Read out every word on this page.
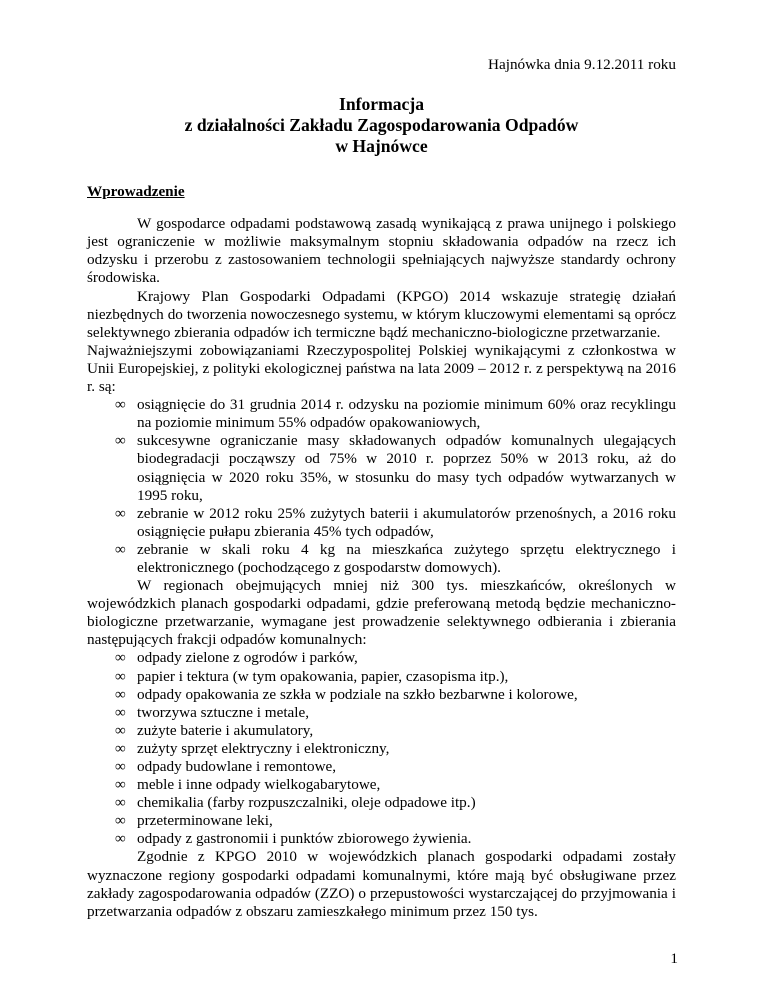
Hajnówka dnia 9.12.2011 roku
Informacja
z działalności Zakładu Zagospodarowania Odpadów
w Hajnówce
Wprowadzenie

W gospodarce odpadami podstawową zasadą wynikającą z prawa unijnego i polskiego jest ograniczenie w możliwie maksymalnym stopniu składowania odpadów na rzecz ich odzysku i przerobu z zastosowaniem technologii spełniających najwyższe standardy ochrony środowiska.

Krajowy Plan Gospodarki Odpadami (KPGO) 2014 wskazuje strategię działań niezbędnych do tworzenia nowoczesnego systemu, w którym kluczowymi elementami są oprócz selektywnego zbierania odpadów ich termiczne bądź mechaniczno-biologiczne przetwarzanie.

Najważniejszymi zobowiązaniami Rzeczypospolitej Polskiej wynikającymi z członkostwa w Unii Europejskiej, z polityki ekologicznej państwa na lata 2009 – 2012 r. z perspektywą na 2016 r. są:

∞ osiągnięcie do 31 grudnia 2014 r. odzysku na poziomie minimum 60% oraz recyklingu na poziomie minimum 55% odpadów opakowaniowych,
∞ sukcesywne ograniczanie masy składowanych odpadów komunalnych ulegających biodegradacji począwszy od 75% w 2010 r. poprzez 50% w 2013 roku, aż do osiągnięcia w 2020 roku 35%, w stosunku do masy tych odpadów wytwarzanych w 1995 roku,
∞ zebranie w 2012 roku 25% zużytych baterii i akumulatorów przenośnych, a 2016 roku osiągnięcie pułapu zbierania 45% tych odpadów,
∞ zebranie w skali roku 4 kg na mieszkańca zużytego sprzętu elektrycznego i elektronicznego (pochodzącego z gospodarstw domowych).

W regionach obejmujących mniej niż 300 tys. mieszkańców, określonych w wojewódzkich planach gospodarki odpadami, gdzie preferowaną metodą będzie mechaniczno-biologiczne przetwarzanie, wymagane jest prowadzenie selektywnego odbierania i zbierania następujących frakcji odpadów komunalnych:

∞ odpady zielone z ogrodów i parków,
∞ papier i tektura (w tym opakowania, papier, czasopisma itp.),
∞ odpady opakowania ze szkła w podziale na szkło bezbarwne i kolorowe,
∞ tworzywa sztuczne i metale,
∞ zużyte baterie i akumulatory,
∞ zużyty sprzęt elektryczny i elektroniczny,
∞ odpady budowlane i remontowe,
∞ meble i inne odpady wielkogabarytowe,
∞ chemikalia (farby rozpuszczalniki, oleje odpadowe itp.)
∞ przeterminowane leki,
∞ odpady z gastronomii i punktów zbiorowego żywienia.

Zgodnie z KPGO 2010 w wojewódzkich planach gospodarki odpadami zostały wyznaczone regiony gospodarki odpadami komunalnymi, które mają być obsługiwane przez zakłady zagospodarowania odpadów (ZZO) o przepustowości wystarczającej do przyjmowania i przetwarzania odpadów z obszaru zamieszkałego minimum przez 150 tys.

1
